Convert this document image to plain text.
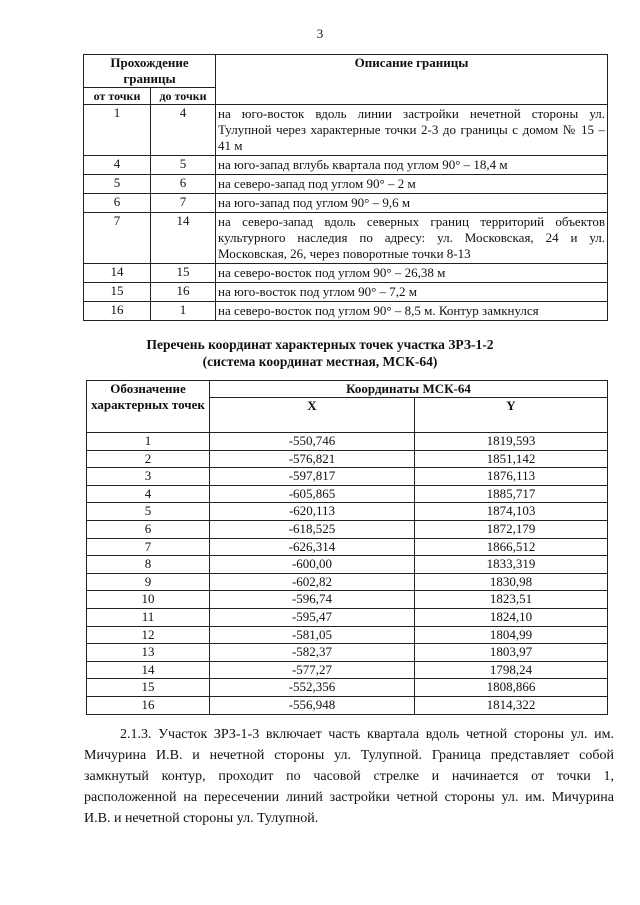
3
Прохождение границы		Описание границы
от точки	до точки	
1	4	на юго-восток вдоль линии застройки нечетной стороны ул. Тулупной через характерные точки 2-3 до границы с домом № 15 – 41 м
4	5	на юго-запад вглубь квартала под углом 90° – 18,4 м
5	6	на северо-запад под углом 90° – 2 м
6	7	на юго-запад под углом 90° – 9,6 м
7	14	на северо-запад вдоль северных границ территорий объектов культурного наследия по адресу: ул. Московская, 24 и ул. Московская, 26, через поворотные точки 8-13
14	15	на северо-восток под углом 90° – 26,38 м
15	16	на юго-восток под углом 90° – 7,2 м
16	1	на северо-восток под углом 90° – 8,5 м. Контур замкнулся
Перечень координат характерных точек участка ЗРЗ-1-2
(система координат местная, МСК-64)
Обозначение характерных точек	Координаты МСК-64	
	X	Y
1	-550,746	1819,593
2	-576,821	1851,142
3	-597,817	1876,113
4	-605,865	1885,717
5	-620,113	1874,103
6	-618,525	1872,179
7	-626,314	1866,512
8	-600,00	1833,319
9	-602,82	1830,98
10	-596,74	1823,51
11	-595,47	1824,10
12	-581,05	1804,99
13	-582,37	1803,97
14	-577,27	1798,24
15	-552,356	1808,866
16	-556,948	1814,322
2.1.3. Участок ЗРЗ-1-3 включает часть квартала вдоль четной стороны ул. им. Мичурина И.В. и нечетной стороны ул. Тулупной. Граница представляет собой замкнутый контур, проходит по часовой стрелке и начинается от точки 1, расположенной на пересечении линий застройки четной стороны ул. им. Мичурина И.В. и нечетной стороны ул. Тулупной.
